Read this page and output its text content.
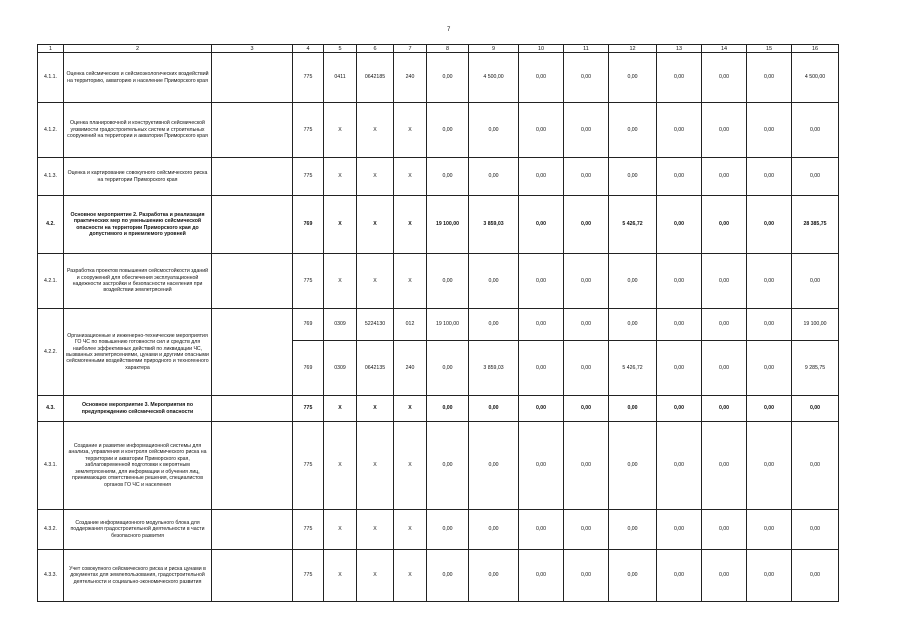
7
1	2	3	4	5	6	7	8	9	10	11	12	13	14	15	16
4.1.1.	Оценка сейсмических и сейсмоэкологических воздействий на территорию, акваторию и население Приморского края		775	0411	0642185	240	0,00	4 500,00	0,00	0,00	0,00	0,00	0,00	0,00	4 500,00
4.1.2.	Оценка планировочной и конструктивной сейсмической уязвимости градостроительных систем и строительных сооружений на территории и акватории Приморского края		775	X	X	X	0,00	0,00	0,00	0,00	0,00	0,00	0,00	0,00	0,00
4.1.3.	Оценка и картирование совокупного сейсмического риска на территории Приморского края		775	X	X	X	0,00	0,00	0,00	0,00	0,00	0,00	0,00	0,00	0,00
4.2.	Основное мероприятие 2. Разработка и реализация практических мер по уменьшению сейсмической опасности на территории Приморского края до допустимого и приемлемого уровней		769	X	X	X	19 100,00	3 859,03	0,00	0,00	5 426,72	0,00	0,00	0,00	28 385,75
4.2.1.	Разработка проектов повышения сейсмостойкости зданий и сооружений для обеспечения эксплуатационной надежности застройки и безопасности населения при воздействии землетрясений		775	X	X	X	0,00	0,00	0,00	0,00	0,00	0,00	0,00	0,00	0,00
4.2.2.	Организационные и инженерно-технические мероприятия ГО ЧС по повышению готовности сил и средств для наиболее эффективных действий по ликвидации ЧС, вызванных землетрясениями, цунами и другими опасными сейсмогенными воздействиями природного и техногенного характера		769	0309	5224130	012	19 100,00	0,00	0,00	0,00	0,00	0,00	0,00	0,00	19 100,00
			769	0309	0642135	240	0,00	3 859,03	0,00	0,00	5 426,72	0,00	0,00	0,00	9 285,75
4.3.	Основное мероприятие 3. Мероприятия по предупреждению сейсмической опасности		775	X	X	X	0,00	0,00	0,00	0,00	0,00	0,00	0,00	0,00	0,00
4.3.1.	Создание и развитие информационной системы для анализа, управления и контроля сейсмического риска на территории и акватории Приморского края, заблаговременной подготовки к вероятным землетрясениям, для информации и обучения лиц, принимающих ответственные решения, специалистов органов ГО ЧС и населения		775	X	X	X	0,00	0,00	0,00	0,00	0,00	0,00	0,00	0,00	0,00
4.3.2.	Создание информационного модульного блока для поддержания градостроительной деятельности в части безопасного развития		775	X	X	X	0,00	0,00	0,00	0,00	0,00	0,00	0,00	0,00	0,00
4.3.3.	Учет совокупного сейсмического риска и риска цунами в документах для землепользования, градостроительной деятельности и социально-экономического развития		775	X	X	X	0,00	0,00	0,00	0,00	0,00	0,00	0,00	0,00	0,00
